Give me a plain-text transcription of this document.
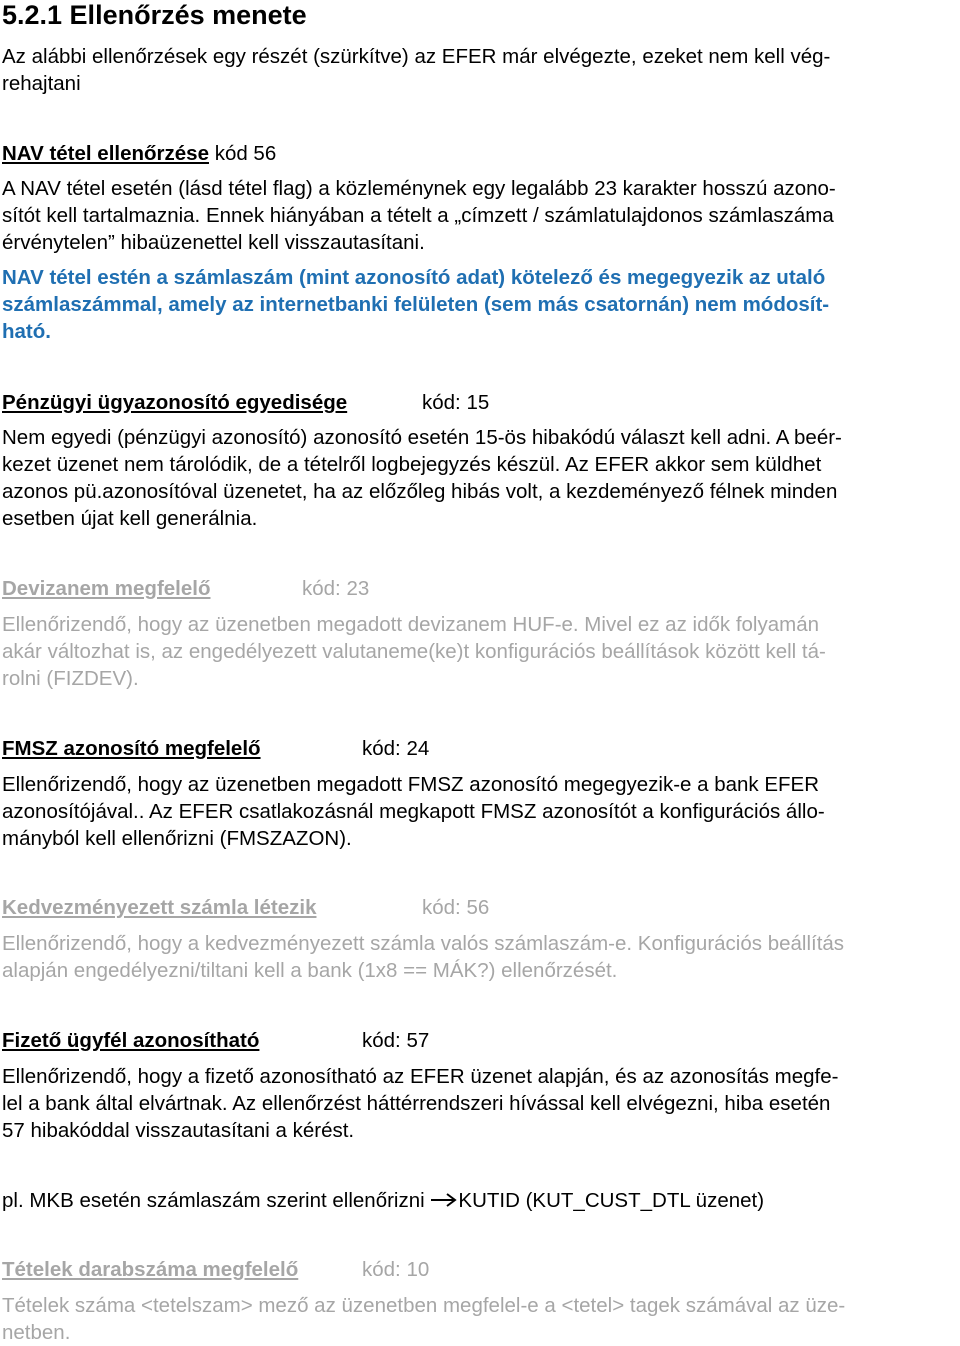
5.2.1 Ellenőrzés menete
Az alábbi ellenőrzések egy részét (szürkítve) az EFER már elvégezte, ezeket nem kell vég-
rehajtani
NAV tétel ellenőrzése kód 56
A NAV tétel esetén (lásd tétel flag) a közleménynek egy legalább 23 karakter hosszú azono-
sítót kell tartalmaznia. Ennek hiányában a tételt a „címzett / számlatulajdonos számlaszáma
érvénytelen” hibaüzenettel kell visszautasítani.
NAV tétel estén a számlaszám (mint azonosító adat) kötelező és megegyezik az utaló
számlaszámmal, amely az internetbanki felületen (sem más csatornán) nem módosít-
ható.
Pénzügyi ügyazonosító egyedisége	kód: 15
Nem egyedi (pénzügyi azonosító) azonosító esetén 15-ös hibakódú választ kell adni. A beér-
kezet üzenet nem tárolódik, de a tételről logbejegyzés készül. Az EFER akkor sem küldhet
azonos pü.azonosítóval üzenetet, ha az előzőleg hibás volt, a kezdeményező félnek minden
esetben újat kell generálnia.
Devizanem megfelelő	kód: 23
Ellenőrizendő, hogy az üzenetben megadott devizanem HUF-e. Mivel ez az idők folyamán
akár változhat is, az engedélyezett valutaneme(ke)t konfigurációs beállítások között kell tá-
rolni (FIZDEV).
FMSZ azonosító megfelelő	kód: 24
Ellenőrizendő, hogy az üzenetben megadott FMSZ azonosító megegyezik-e a bank EFER
azonosítójával.. Az EFER csatlakozásnál megkapott FMSZ azonosítót a konfigurációs állo-
mányból kell ellenőrizni (FMSZAZON).
Kedvezményezett számla létezik	kód: 56
Ellenőrizendő, hogy a kedvezményezett számla valós számlaszám-e. Konfigurációs beállítás
alapján engedélyezni/tiltani kell a bank (1x8 == MÁK?) ellenőrzését.
Fizető ügyfél azonosítható	kód: 57
Ellenőrizendő, hogy a fizető azonosítható az EFER üzenet alapján, és az azonosítás megfe-
lel a bank által elvártnak. Az ellenőrzést háttérrendszeri hívással kell elvégezni, hiba esetén
57 hibakóddal visszautasítani a kérést.
pl. MKB esetén számlaszám szerint ellenőrizni KUTID (KUT_CUST_DTL üzenet)
Tételek darabszáma megfelelő	kód: 10
Tételek száma <tetelszam> mező az üzenetben megfelel-e a <tetel> tagek számával az üze-
netben.
